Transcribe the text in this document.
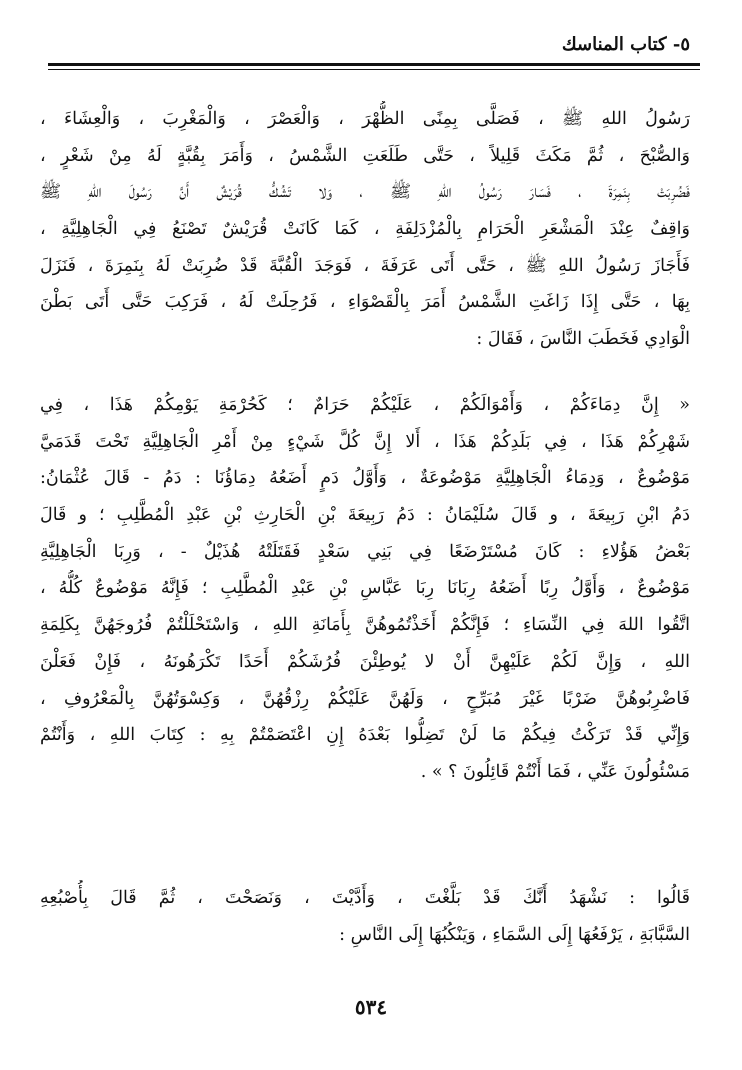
٥- كتاب المناسك
رَسُولُ اللهِ ﷺ ، فَصَلَّى بِمِنًى الظُّهْرَ ، وَالْعَصْرَ ، وَالْمَغْرِبَ ، وَالْعِشَاءَ ،
وَالصُّبْحَ ، ثُمَّ مَكَثَ قَلِيلاً ، حَتَّى طَلَعَتِ الشَّمْسُ ، وَأَمَرَ بِقُبَّةٍ لَهُ مِنْ شَعْرٍ ،
فَضُرِبَتْ بِنَمِرَةَ ، فَسَارَ رَسُولُ اللهِ ﷺ ، وَلا تَشُكُّ قُرَيْشٌ أَنَّ رَسُولَ اللهِ ﷺ
وَاقِفٌ عِنْدَ الْمَشْعَرِ الْحَرَامِ بِالْمُزْدَلِفَةِ ، كَمَا كَانَتْ قُرَيْشٌ تَصْنَعُ فِي الْجَاهِلِيَّةِ ،
فَأَجَازَ رَسُولُ اللهِ ﷺ ، حَتَّى أَتَى عَرَفَةَ ، فَوَجَدَ الْقُبَّةَ قَدْ ضُرِبَتْ لَهُ بِنَمِرَةَ ، فَنَزَلَ
بِهَا ، حَتَّى إِذَا زَاغَتِ الشَّمْسُ أَمَرَ بِالْقَصْوَاءِ ، فَرُحِلَتْ لَهُ ، فَرَكِبَ حَتَّى أَتَى بَطْنَ
الْوَادِي فَخَطَبَ النَّاسَ ، فَقَالَ :
« إِنَّ دِمَاءَكُمْ ، وَأَمْوَالَكُمْ ، عَلَيْكُمْ حَرَامٌ ؛ كَحُرْمَةِ يَوْمِكُمْ هَذَا ، فِي
شَهْرِكُمْ هَذَا ، فِي بَلَدِكُمْ هَذَا ، أَلا إِنَّ كُلَّ شَيْءٍ مِنْ أَمْرِ الْجَاهِلِيَّةِ تَحْتَ قَدَمَيَّ
مَوْضُوعٌ ، وَدِمَاءُ الْجَاهِلِيَّةِ مَوْضُوعَةٌ ، وَأَوَّلُ دَمٍ أَضَعُهُ دِمَاؤُنَا : دَمُ - قَالَ عُثْمَانُ:
دَمُ ابْنِ رَبِيعَةَ ، و قَالَ سُلَيْمَانُ : دَمُ رَبِيعَةَ بْنِ الْحَارِثِ بْنِ عَبْدِ الْمُطَّلِبِ ؛ و قَالَ
بَعْضُ هَؤُلاءِ : كَانَ مُسْتَرْضَعًا فِي بَنِي سَعْدٍ فَقَتَلَتْهُ هُذَيْلٌ - ، وَرِبَا الْجَاهِلِيَّةِ
مَوْضُوعٌ ، وَأَوَّلُ رِبًا أَضَعُهُ رِبَانَا رِبَا عَبَّاسِ بْنِ عَبْدِ الْمُطَّلِبِ ؛ فَإِنَّهُ مَوْضُوعٌ كُلُّهُ ،
اتَّقُوا اللهَ فِي النِّسَاءِ ؛ فَإِنَّكُمْ أَخَذْتُمُوهُنَّ بِأَمَانَةِ اللهِ ، وَاسْتَحْلَلْتُمْ فُرُوجَهُنَّ بِكَلِمَةِ
اللهِ ، وَإِنَّ لَكُمْ عَلَيْهِنَّ أَنْ لا يُوطِئْنَ فُرُشَكُمْ أَحَدًا تَكْرَهُونَهُ ، فَإِنْ فَعَلْنَ
فَاضْرِبُوهُنَّ ضَرْبًا غَيْرَ مُبَرِّحٍ ، وَلَهُنَّ عَلَيْكُمْ رِزْقُهُنَّ ، وَكِسْوَتُهُنَّ بِالْمَعْرُوفِ ،
وَإِنِّي قَدْ تَرَكْتُ فِيكُمْ مَا لَنْ تَضِلُّوا بَعْدَهُ إِنِ اعْتَصَمْتُمْ بِهِ : كِتَابَ اللهِ ، وَأَنْتُمْ
مَسْئُولُونَ عَنِّي ، فَمَا أَنْتُمْ قَائِلُونَ ؟ » .
قَالُوا : نَشْهَدُ أَنَّكَ قَدْ بَلَّغْتَ ، وَأَدَّيْتَ ، وَنَصَحْتَ ، ثُمَّ قَالَ بِأُصْبُعِهِ
السَّبَّابَةِ ، يَرْفَعُهَا إِلَى السَّمَاءِ ، وَيَنْكُبُهَا إِلَى النَّاسِ :
٥٣٤
